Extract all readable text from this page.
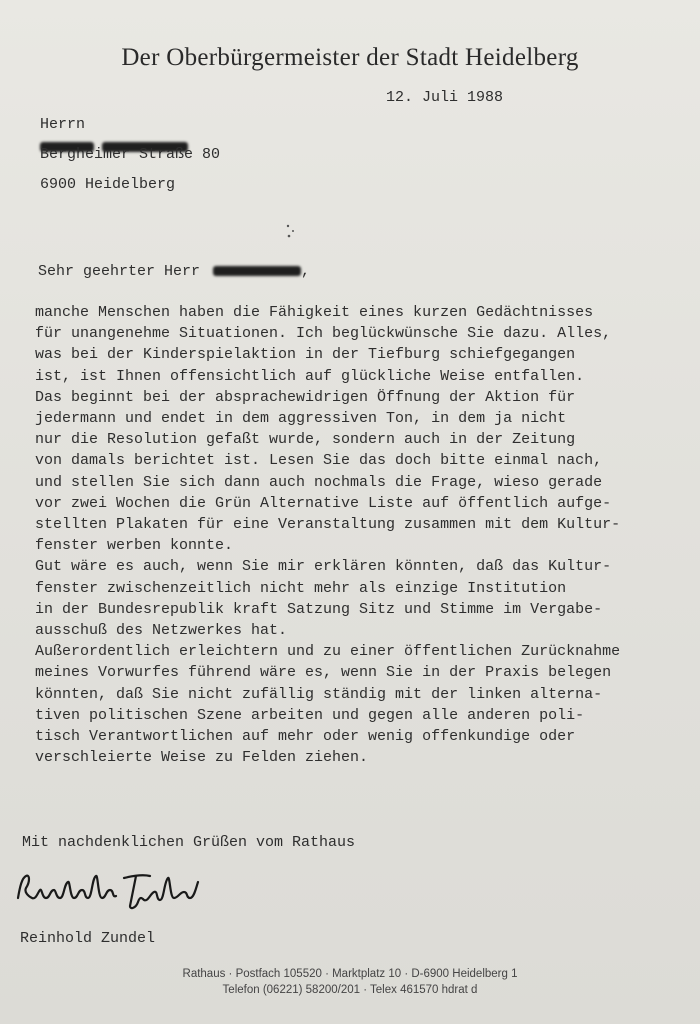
Der Oberbürgermeister der Stadt Heidelberg
12. Juli 1988
Herrn
Bergheimer Straße 80
6900 Heidelberg
Sehr geehrter Herr	,
manche Menschen haben die Fähigkeit eines kurzen Gedächtnisses
für unangenehme Situationen. Ich beglückwünsche Sie dazu. Alles,
was bei der Kinderspielaktion in der Tiefburg schiefgegangen
ist, ist Ihnen offensichtlich auf glückliche Weise entfallen.
Das beginnt bei der absprachewidrigen Öffnung der Aktion für
jedermann und endet in dem aggressiven Ton, in dem ja nicht
nur die Resolution gefaßt wurde, sondern auch in der Zeitung
von damals berichtet ist. Lesen Sie das doch bitte einmal nach,
und stellen Sie sich dann auch nochmals die Frage, wieso gerade
vor zwei Wochen die Grün Alternative Liste auf öffentlich aufge-
stellten Plakaten für eine Veranstaltung zusammen mit dem Kultur-
fenster werben konnte.
Gut wäre es auch, wenn Sie mir erklären könnten, daß das Kultur-
fenster zwischenzeitlich nicht mehr als einzige Institution
in der Bundesrepublik kraft Satzung Sitz und Stimme im Vergabe-
ausschuß des Netzwerkes hat.
Außerordentlich erleichtern und zu einer öffentlichen Zurücknahme
meines Vorwurfes führend wäre es, wenn Sie in der Praxis belegen
könnten, daß Sie nicht zufällig ständig mit der linken alterna-
tiven politischen Szene arbeiten und gegen alle anderen poli-
tisch Verantwortlichen auf mehr oder wenig offenkundige oder
verschleierte Weise zu Felden ziehen.
Mit nachdenklichen Grüßen vom Rathaus
Reinhold Zundel
Rathaus · Postfach 105520 · Marktplatz 10 · D-6900 Heidelberg 1
Telefon (06221) 58200/201 · Telex 461570 hdrat d
